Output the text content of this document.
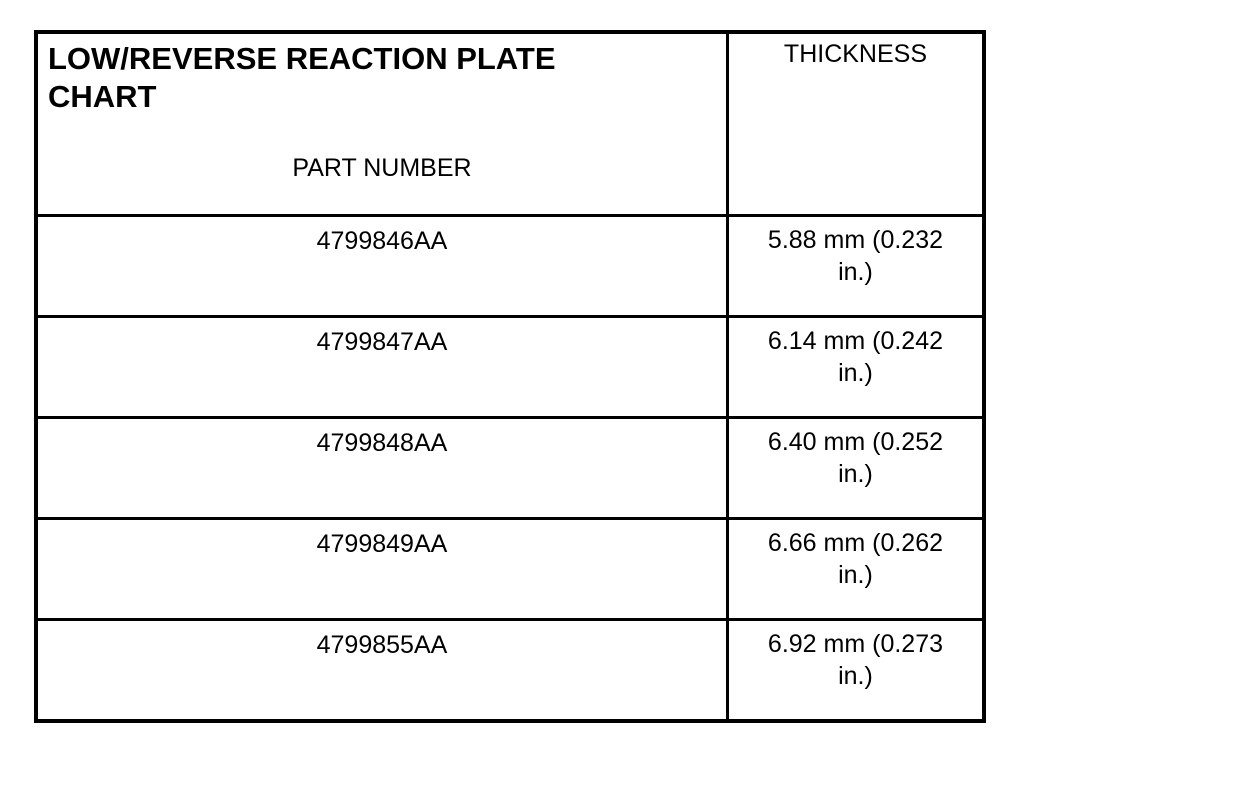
LOW/REVERSE REACTION PLATE CHART
PART NUMBER	THICKNESS

4799846AA	5.88 mm (0.232 in.)

4799847AA	6.14 mm (0.242 in.)

4799848AA	6.40 mm (0.252 in.)

4799849AA	6.66 mm (0.262 in.)

4799855AA	6.92 mm (0.273 in.)
